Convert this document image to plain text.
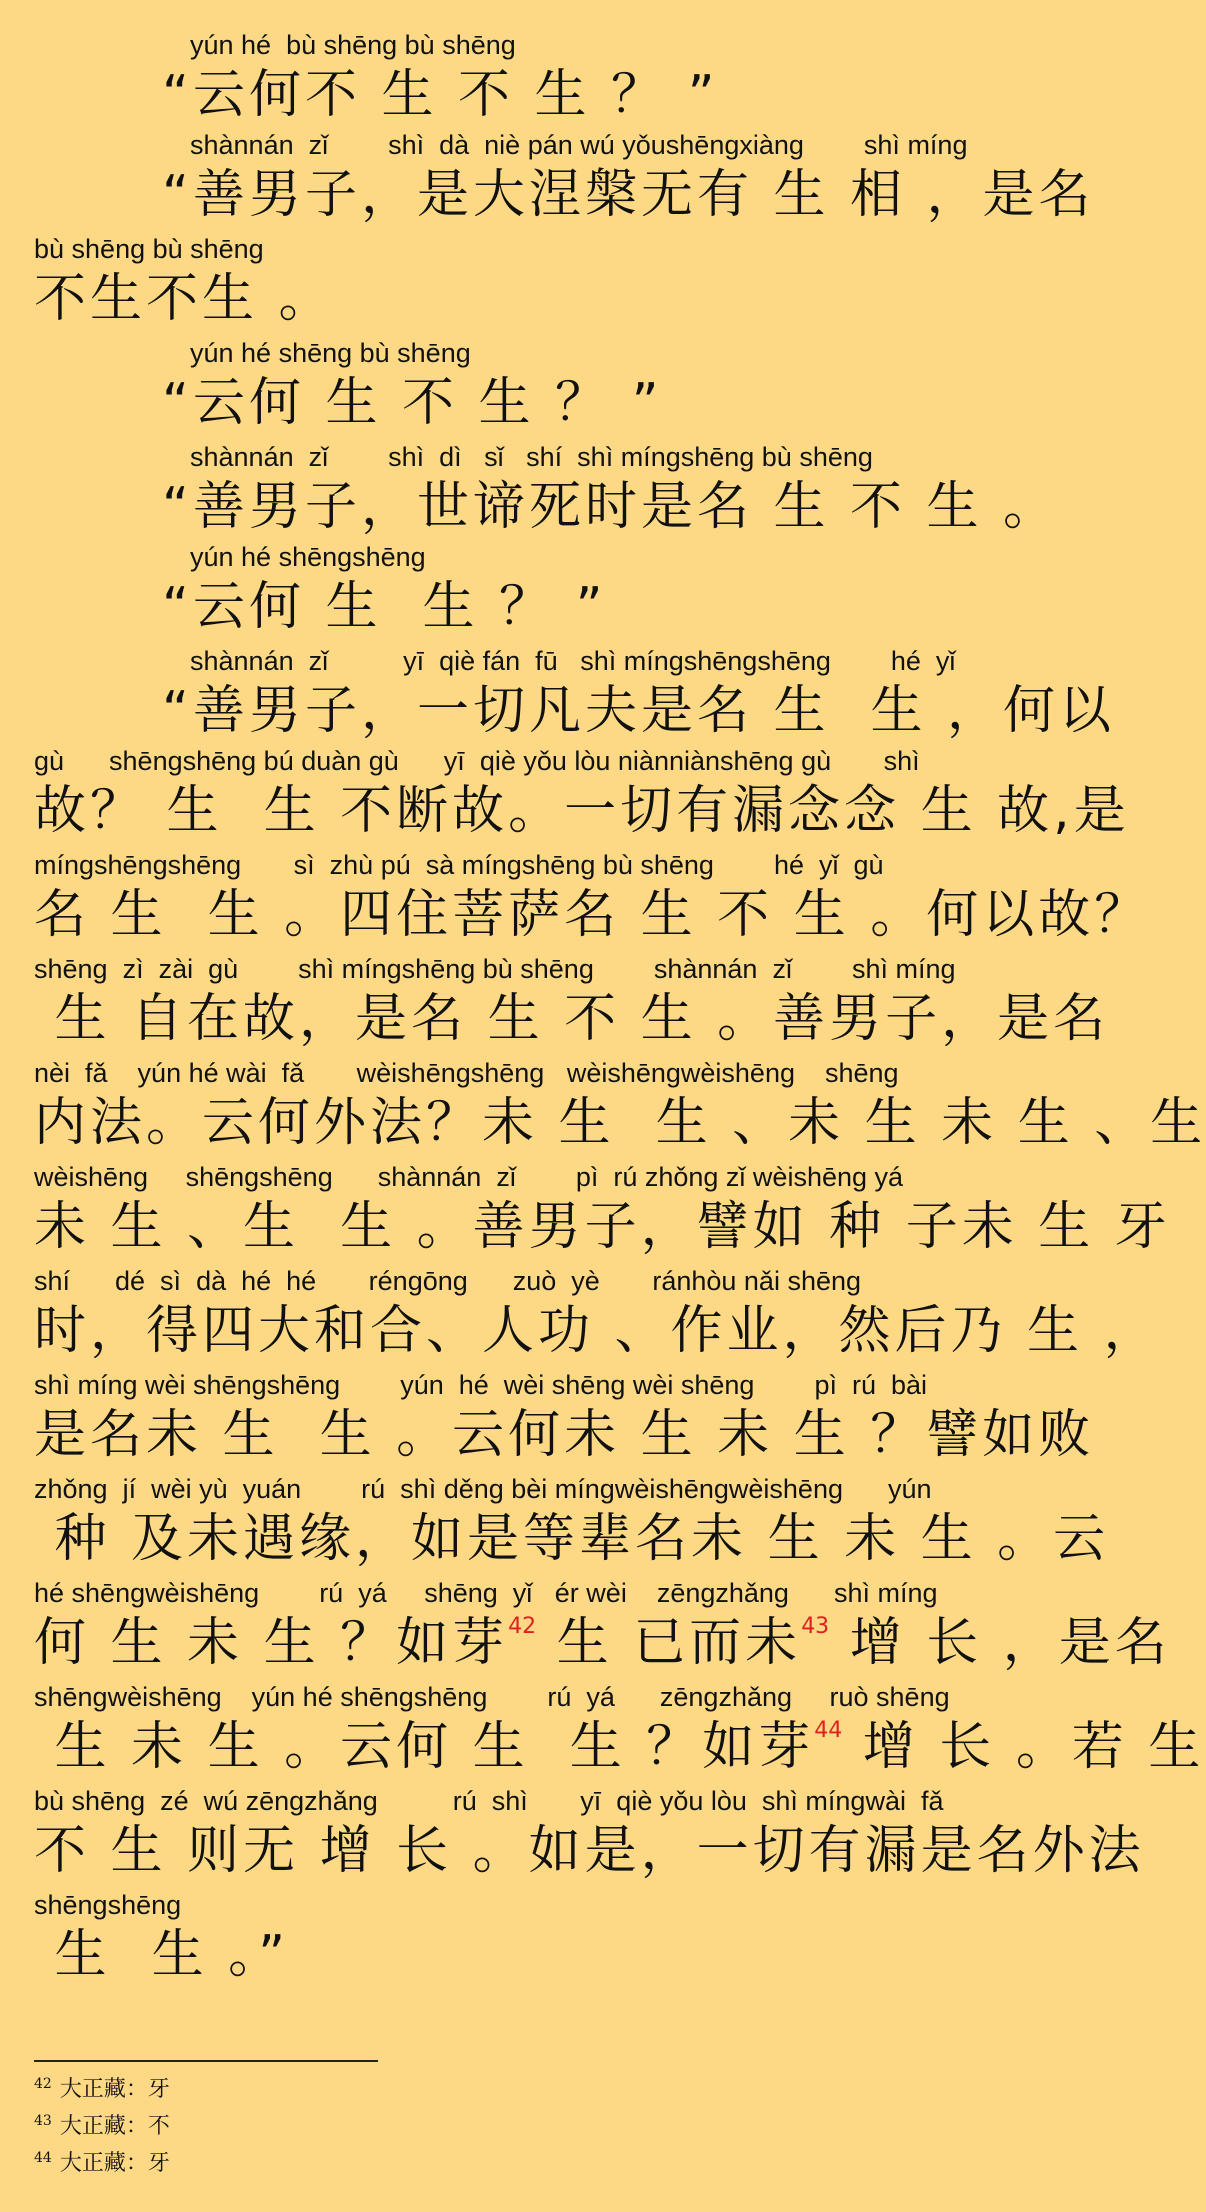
yún hé  bù shēng bù shēng
“云何不 生 不 生 ？ ”
shànnán  zǐ        shì  dà  niè pán wú yǒushēngxiàng        shì míng
“善男子，是大涅槃无有 生 相 ，是名
bù shēng bù shēng
不生不生 。
yún hé shēng bù shēng
“云何 生 不 生 ？ ”
shànnán  zǐ        shì  dì   sǐ   shí  shì míngshēng bù shēng
“善男子，世谛死时是名 生 不 生 。
yún hé shēngshēng
“云何 生  生 ？ ”
shànnán  zǐ          yī  qiè fán  fū   shì míngshēngshēng        hé  yǐ
“善男子，一切凡夫是名 生  生 ，何以
gù      shēngshēng bú duàn gù      yī  qiè yǒu lòu niànniànshēng gù       shì
故？ 生  生 不断故。一切有漏念念 生 故,是
míngshēngshēng       sì  zhù pú  sà míngshēng bù shēng        hé  yǐ  gù
名 生  生 。四住菩萨名 生 不 生 。何以故？
shēng  zì  zài  gù        shì míngshēng bù shēng        shànnán  zǐ        shì míng
生 自在故，是名 生 不 生 。善男子，是名
nèi  fǎ    yún hé wài  fǎ       wèishēngshēng   wèishēngwèishēng    shēng
内法。云何外法？未 生  生 、未 生 未 生 、生
wèishēng     shēngshēng      shànnán  zǐ        pì  rú zhǒng zǐ wèishēng yá
未 生 、生  生 。善男子，譬如 种 子未 生 牙
shí      dé  sì  dà  hé  hé       réngōng      zuò  yè       ránhòu nǎi shēng
时，得四大和合、人功 、作业，然后乃 生 ，
shì míng wèi shēngshēng        yún  hé  wèi shēng wèi shēng        pì  rú  bài
是名未 生  生 。云何未 生 未 生 ？譬如败
zhǒng  jí  wèi yù  yuán        rú  shì děng bèi míngwèishēngwèishēng      yún
种 及未遇缘，如是等辈名未 生 未 生 。云
hé shēngwèishēng        rú  yá     shēng  yǐ   ér wèi    zēngzhǎng      shì míng
何 生 未 生 ？如芽$^{42}$ 生 已而未$^{43}$ 增 长 ，是名
shēngwèishēng    yún hé shēngshēng        rú  yá      zēngzhǎng     ruò shēng
生 未 生 。云何 生  生 ？如芽$^{44}$ 增 长 。若 生
bù shēng  zé  wú zēngzhǎng          rú  shì       yī  qiè yǒu lòu  shì míngwài  fǎ
不 生 则无 增 长 。如是，一切有漏是名外法
shēngshēng
生  生 。”
$^{42}$ 大正藏：牙
$^{43}$ 大正藏：不
$^{44}$ 大正藏：牙
